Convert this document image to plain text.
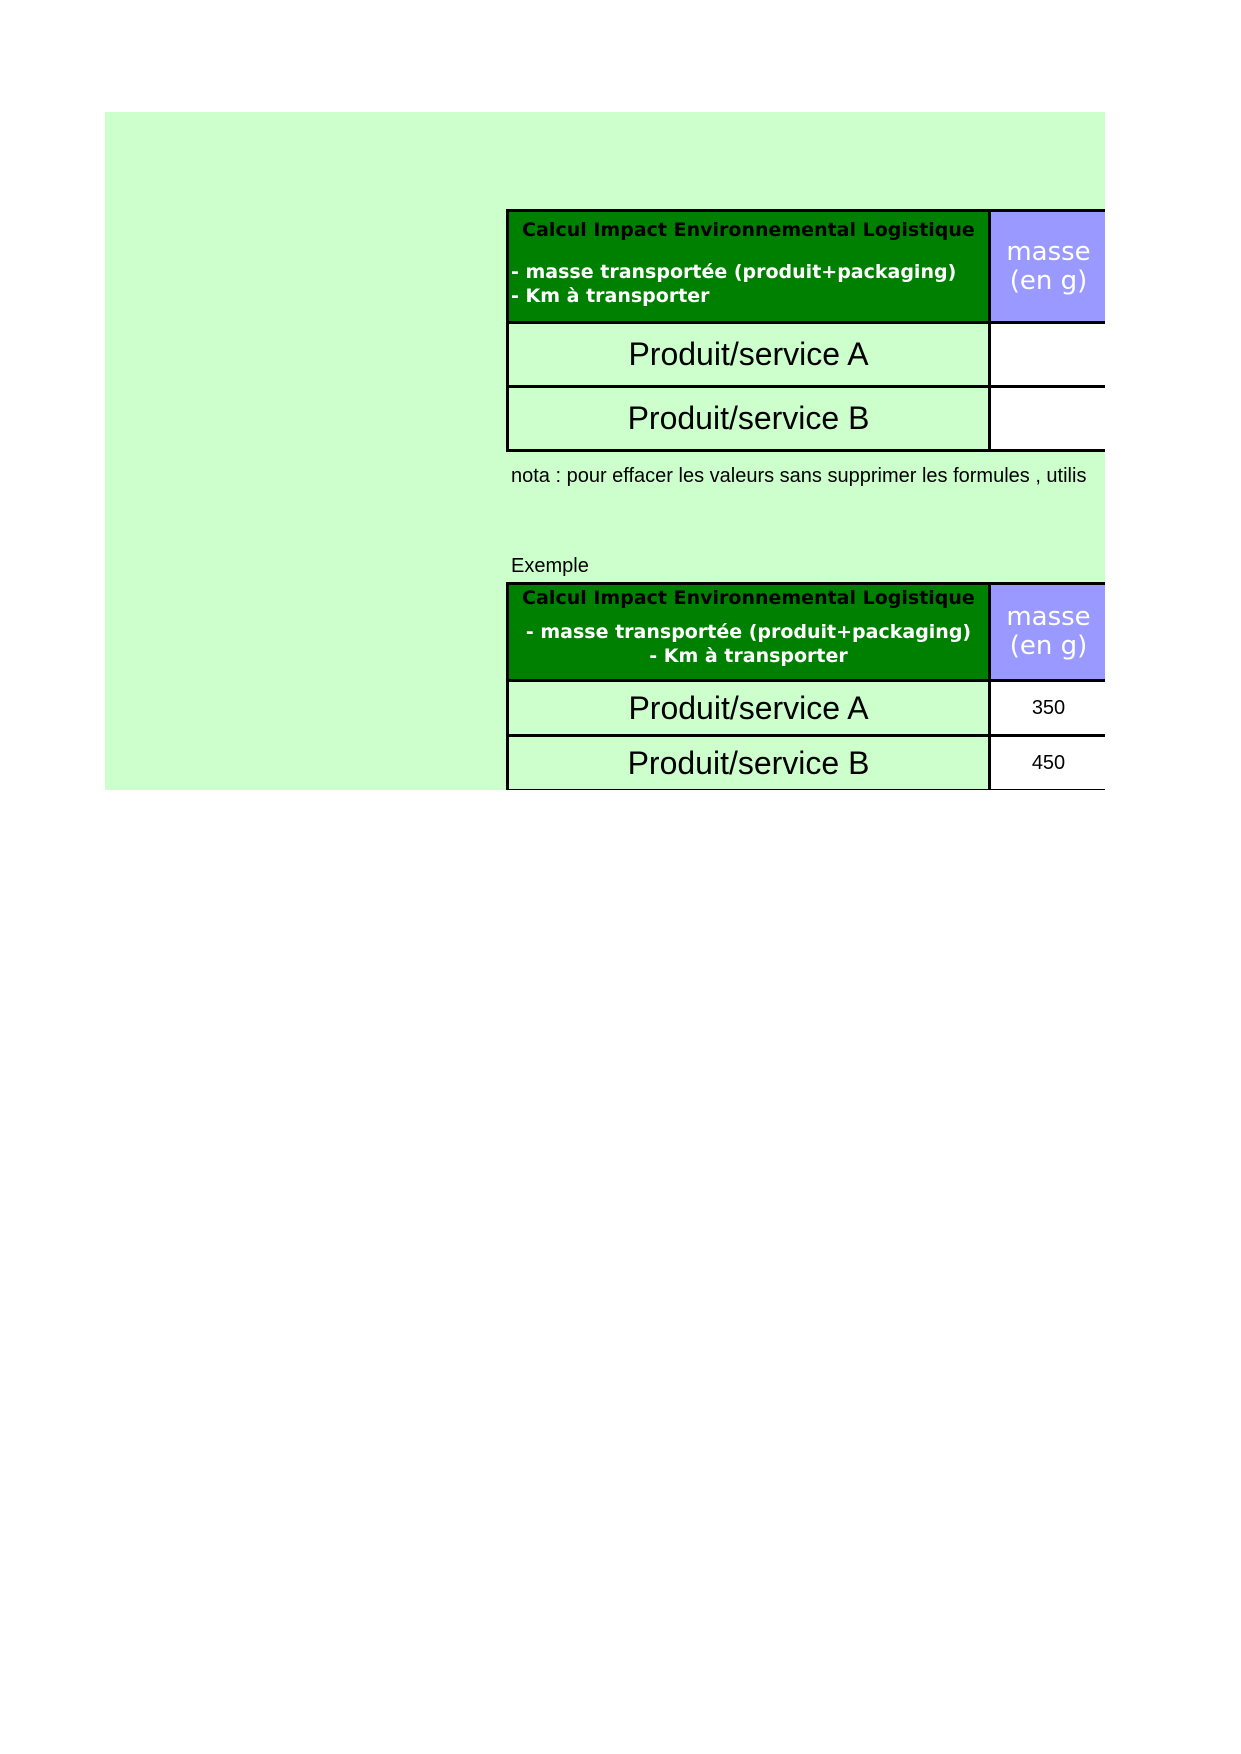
Calcul Impact Environnemental Logistique
- masse transportée (produit+packaging)
- Km à transporter	masse
(en g)

Produit/service A	
Produit/service B	
nota : pour effacer les valeurs sans supprimer les formules , utilis
Exemple
Calcul Impact Environnemental Logistique
- masse transportée (produit+packaging)
- Km à transporter	masse
(en g)

Produit/service A	350
Produit/service B	450
